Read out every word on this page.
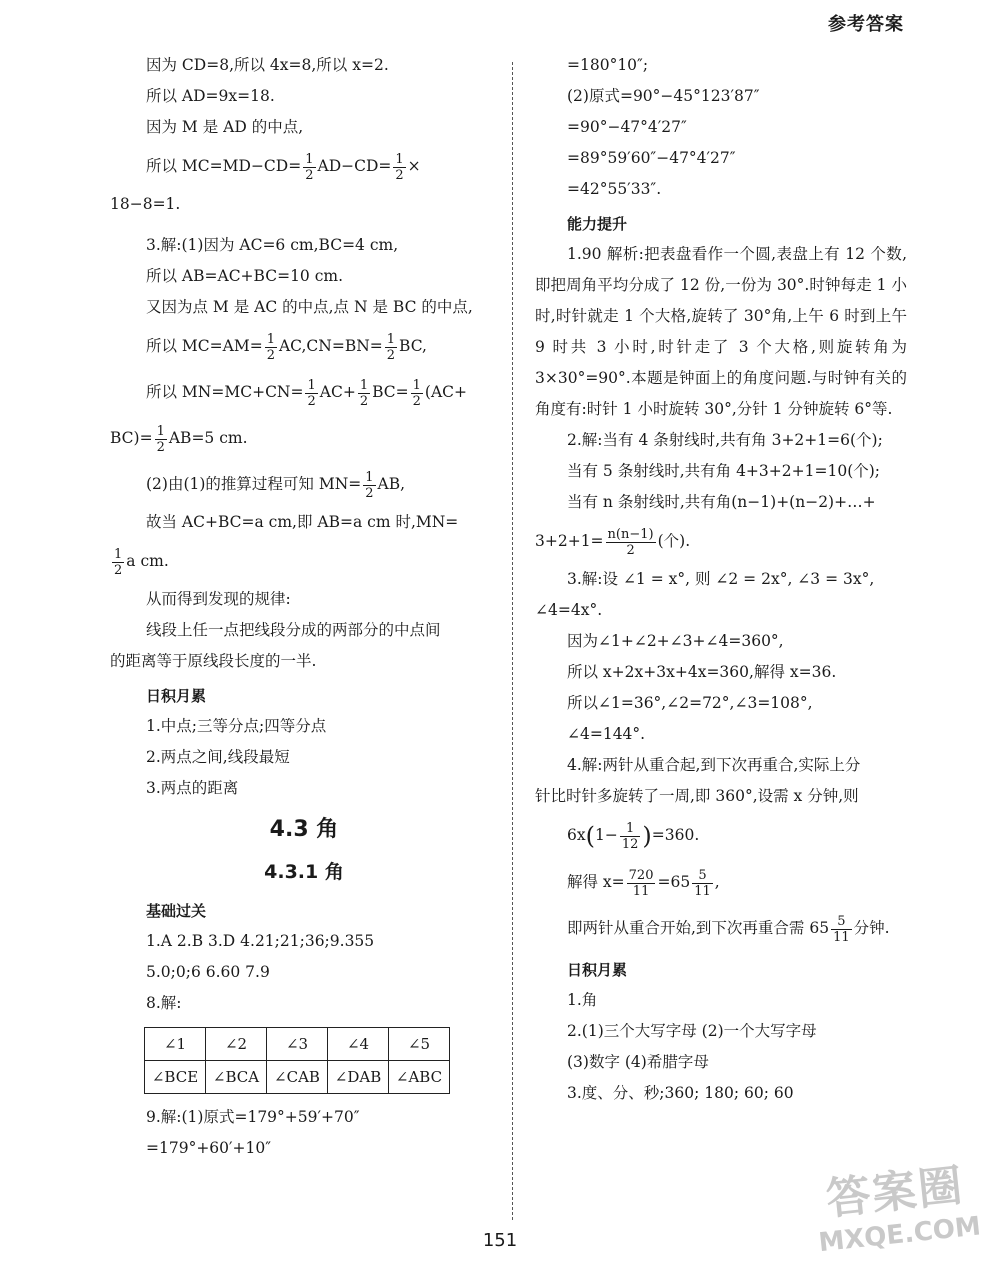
参考答案
因为 CD=8,所以 4x=8,所以 x=2.
所以 AD=9x=18.
因为 M 是 AD 的中点,
所以 $MC=MD-CD= \frac{1}{2} AD-CD= \frac{1}{2}$ ×
18−8=1.
3.解:(1)因为 AC=6 cm,BC=4 cm,
所以 AB=AC+BC=10 cm.
又因为点 M 是 AC 的中点,点 N 是 BC 的中点,
所以 $MC=AM= \frac{1}{2} AC,CN=BN= \frac{1}{2}$ BC,
所以 $MN=MC+CN= \frac{1}{2} AC+ \frac{1}{2} BC= \frac{1}{2} (AC+$
$BC)= \frac{1}{2} AB=5$ cm.
(2)由(1)的推算过程可知 $MN= \frac{1}{2}$ AB,
故当 AC+BC=a cm,即 AB=a cm 时,MN=
$\frac{1}{2}$ a cm.
从而得到发现的规律:
线段上任一点把线段分成的两部分的中点间
的距离等于原线段长度的一半.
日积月累
1.中点;三等分点;四等分点
2.两点之间,线段最短
3.两点的距离
4.3 角
4.3.1 角
基础过关
1.A 2.B 3.D 4.21;21;36;9.355
5.0;0;6 6.60 7.9
8.解:
∠1	∠2	∠3	∠4	∠5
∠BCE	∠BCA	∠CAB	∠DAB	∠ABC
9.解:(1)原式=179°+59′+70″
=179°+60′+10″
=180°10″;
(2)原式=90°−45°123′87″
=90°−47°4′27″
=89°59′60″−47°4′27″
=42°55′33″.
能力提升
1.90 解析:把表盘看作一个圆,表盘上有 12 个数,即把周角平均分成了 12 份,一份为 30°.时钟每走 1 小时,时针就走 1 个大格,旋转了 30°角,上午 6 时到上午 9 时共 3 小时,时针走了 3 个大格,则旋转角为 3×30°=90°.本题是钟面上的角度问题.与时钟有关的角度有:时针 1 小时旋转 30°,分针 1 分钟旋转 6°等.
2.解:当有 4 条射线时,共有角 3+2+1=6(个);
当有 5 条射线时,共有角 4+3+2+1=10(个);
当有 n 条射线时,共有角(n−1)+(n−2)+…+
$3+2+1= \frac{n(n-1)}{2}$ (个).
3.解:设 ∠1 = x°, 则 ∠2 = 2x°, ∠3 = 3x°,
∠4=4x°.
因为∠1+∠2+∠3+∠4=360°,
所以 x+2x+3x+4x=360,解得 x=36.
所以∠1=36°,∠2=72°,∠3=108°,
∠4=144°.
4.解:两针从重合起,到下次再重合,实际上分
针比时针多旋转了一周,即 360°,设需 x 分钟,则
$6x(1- \frac{1}{12} )=360$.
解得 $x= \frac{720}{11} =65 \frac{5}{11}$ ,
即两针从重合开始,到下次再重合需 $65 \frac{5}{11}$ 分钟.
日积月累
1.角
2.(1)三个大写字母 (2)一个大写字母
(3)数字 (4)希腊字母
3.度、分、秒;360; 180; 60; 60
151
答案圈
MXQE.COM
